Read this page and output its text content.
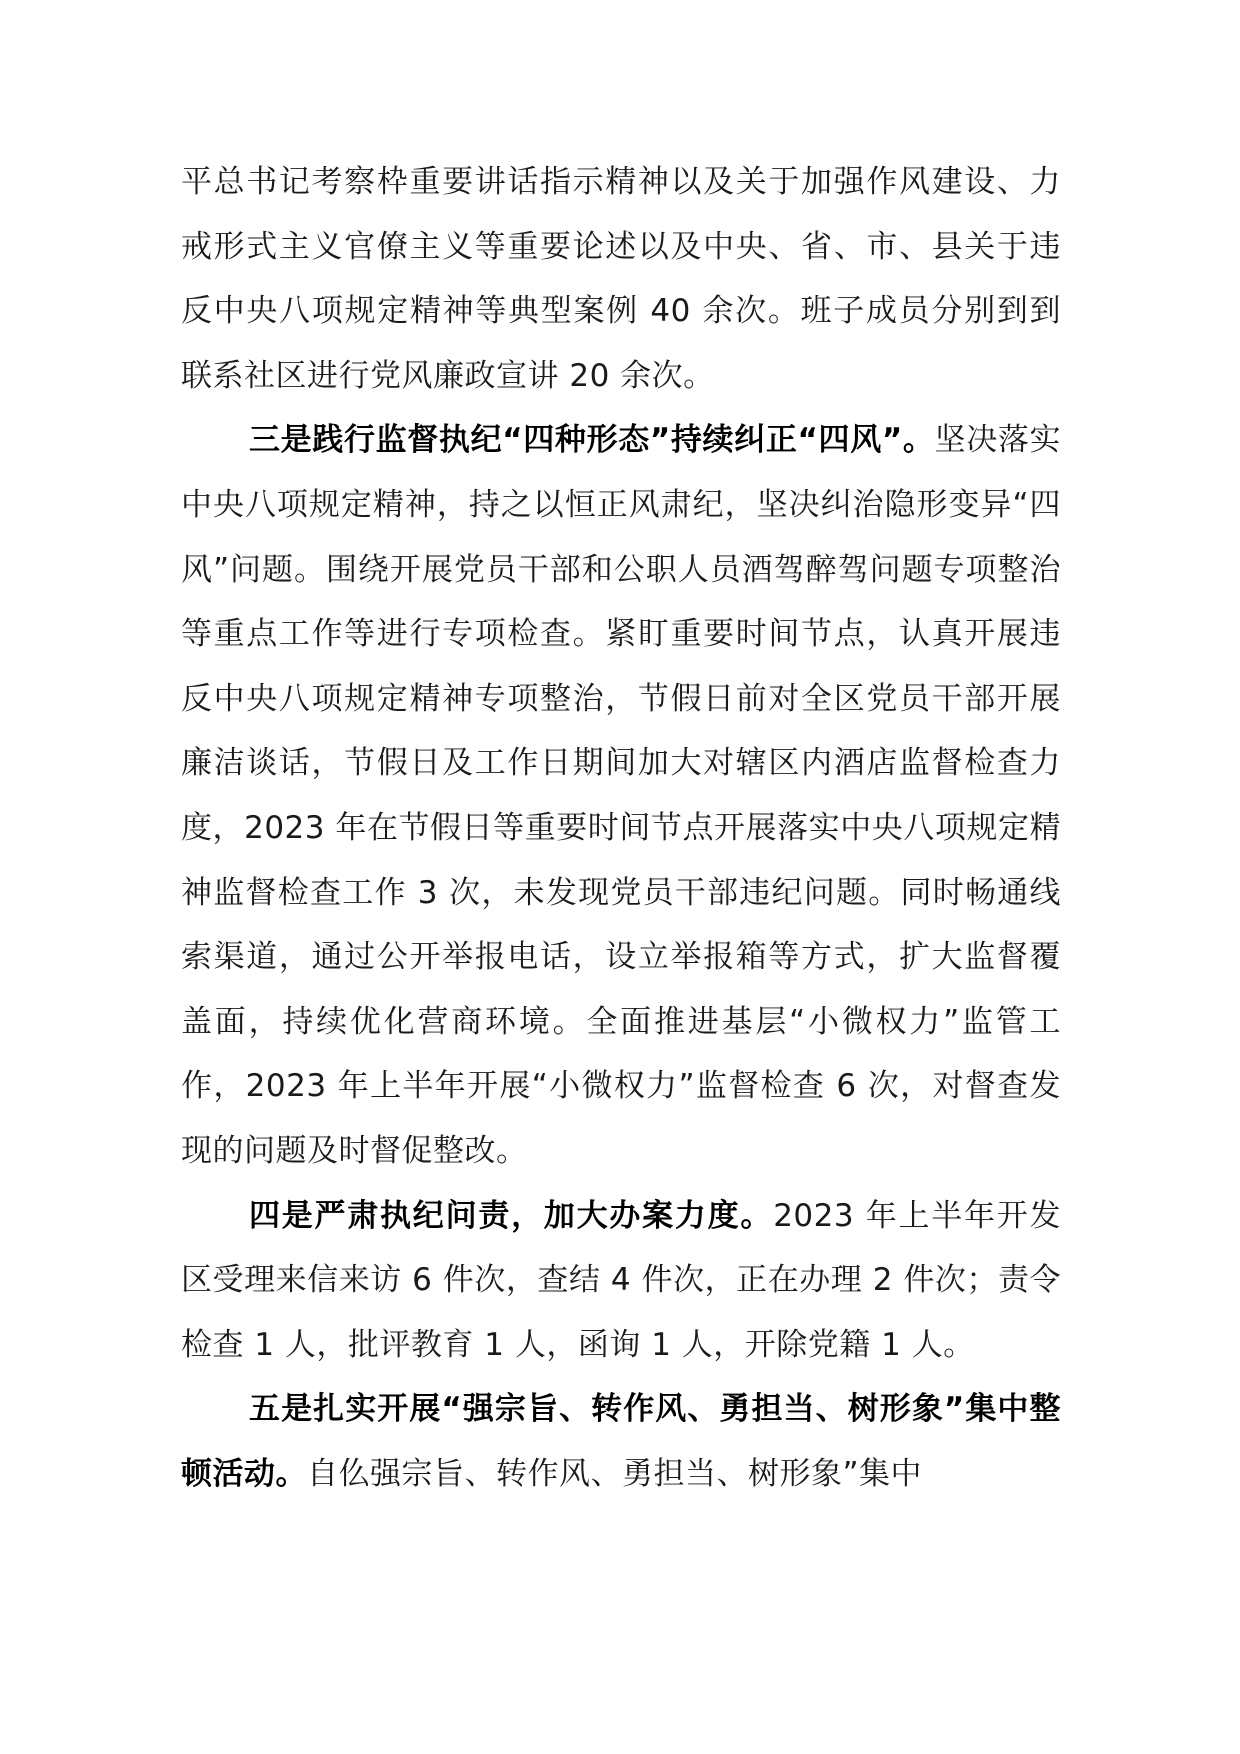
平总书记考察枠重要讲话指示精神以及关于加强作风建设、力戒形式主义官僚主义等重要论述以及中央、省、市、县关于违反中央八项规定精神等典型案例 40 余次。班子成员分别到到联系社区进行党风廉政宣讲 20 余次。

三是践行监督执纪“四种形态”持续纠正“四风”。坚决落实中央八项规定精神，持之以恒正风肃纪，坚决纠治隐形变异“四风”问题。围绕开展党员干部和公职人员酒驾醉驾问题专项整治等重点工作等进行专项检查。紧盯重要时间节点，认真开展违反中央八项规定精神专项整治，节假日前对全区党员干部开展廉洁谈话，节假日及工作日期间加大对辖区内酒店监督检查力度，2023 年在节假日等重要时间节点开展落实中央八项规定精神监督检查工作 3 次，未发现党员干部违纪问题。同时畅通线索渠道，通过公开举报电话，设立举报箱等方式，扩大监督覆盖面，持续优化营商环境。全面推进基层“小微权力”监管工作，2023 年上半年开展“小微权力”监督检查 6 次，对督查发现的问题及时督促整改。

四是严肃执纪问责，加大办案力度。2023 年上半年开发区受理来信来访 6 件次，查结 4 件次，正在办理 2 件次；责令检查 1 人，批评教育 1 人，函询 1 人，开除党籍 1 人。

五是扎实开展“强宗旨、转作风、勇担当、树形象”集中整顿活动。自仫强宗旨、转作风、勇担当、树形象”集中
